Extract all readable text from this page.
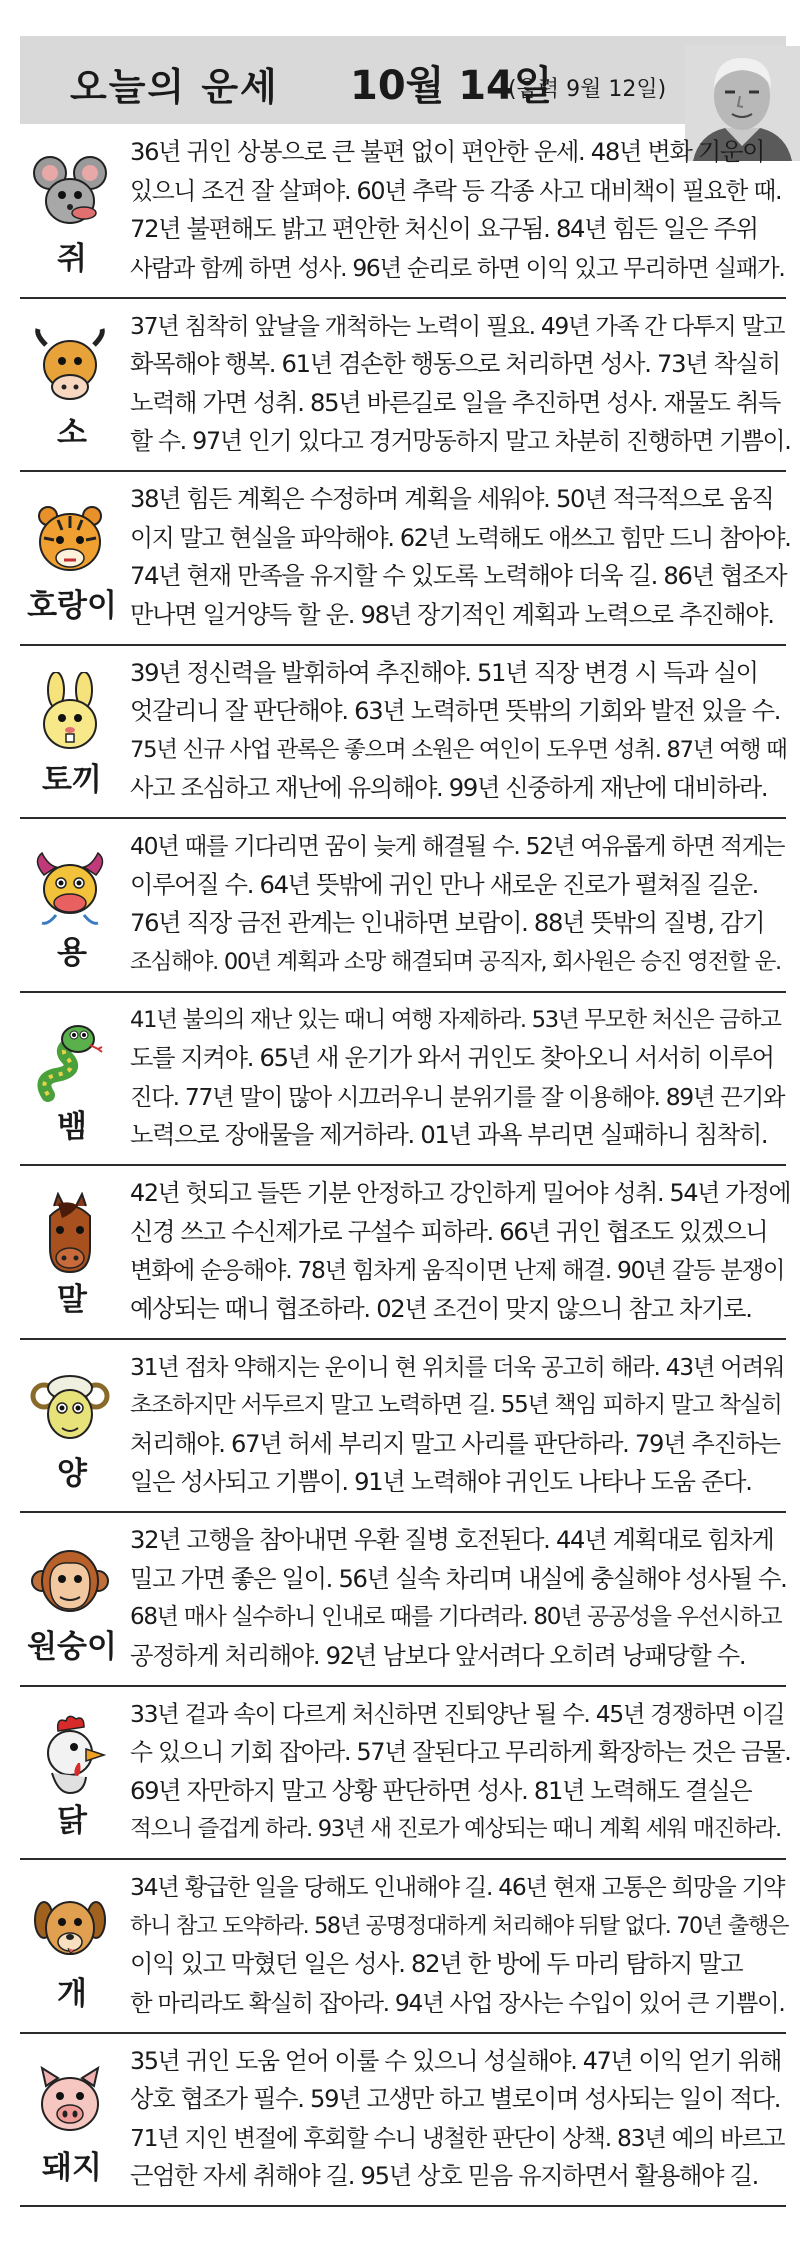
오늘의 운세 10월 14일
(음력 9월 12일)
쥐
36년 귀인 상봉으로 큰 불편 없이 편안한 운세. 48년 변화 기운이
있으니 조건 잘 살펴야. 60년 추락 등 각종 사고 대비책이 필요한 때.
72년 불편해도 밝고 편안한 처신이 요구됨. 84년 힘든 일은 주위
사람과 함께 하면 성사. 96년 순리로 하면 이익 있고 무리하면 실패가.
소
37년 침착히 앞날을 개척하는 노력이 필요. 49년 가족 간 다투지 말고
화목해야 행복. 61년 겸손한 행동으로 처리하면 성사. 73년 착실히
노력해 가면 성취. 85년 바른길로 일을 추진하면 성사. 재물도 취득
할 수. 97년 인기 있다고 경거망동하지 말고 차분히 진행하면 기쁨이.
호랑이
38년 힘든 계획은 수정하며 계획을 세워야. 50년 적극적으로 움직
이지 말고 현실을 파악해야. 62년 노력해도 애쓰고 힘만 드니 참아야.
74년 현재 만족을 유지할 수 있도록 노력해야 더욱 길. 86년 협조자
만나면 일거양득 할 운. 98년 장기적인 계획과 노력으로 추진해야.
토끼
39년 정신력을 발휘하여 추진해야. 51년 직장 변경 시 득과 실이
엇갈리니 잘 판단해야. 63년 노력하면 뜻밖의 기회와 발전 있을 수.
75년 신규 사업 관록은 좋으며 소원은 여인이 도우면 성취. 87년 여행 때
사고 조심하고 재난에 유의해야. 99년 신중하게 재난에 대비하라.
용
40년 때를 기다리면 꿈이 늦게 해결될 수. 52년 여유롭게 하면 적게는
이루어질 수. 64년 뜻밖에 귀인 만나 새로운 진로가 펼쳐질 길운.
76년 직장 금전 관계는 인내하면 보람이. 88년 뜻밖의 질병, 감기
조심해야. 00년 계획과 소망 해결되며 공직자, 회사원은 승진 영전할 운.
뱀
41년 불의의 재난 있는 때니 여행 자제하라. 53년 무모한 처신은 금하고
도를 지켜야. 65년 새 운기가 와서 귀인도 찾아오니 서서히 이루어
진다. 77년 말이 많아 시끄러우니 분위기를 잘 이용해야. 89년 끈기와
노력으로 장애물을 제거하라. 01년 과욕 부리면 실패하니 침착히.
말
42년 헛되고 들뜬 기분 안정하고 강인하게 밀어야 성취. 54년 가정에
신경 쓰고 수신제가로 구설수 피하라. 66년 귀인 협조도 있겠으니
변화에 순응해야. 78년 힘차게 움직이면 난제 해결. 90년 갈등 분쟁이
예상되는 때니 협조하라. 02년 조건이 맞지 않으니 참고 차기로.
양
31년 점차 약해지는 운이니 현 위치를 더욱 공고히 해라. 43년 어려워
초조하지만 서두르지 말고 노력하면 길. 55년 책임 피하지 말고 착실히
처리해야. 67년 허세 부리지 말고 사리를 판단하라. 79년 추진하는
일은 성사되고 기쁨이. 91년 노력해야 귀인도 나타나 도움 준다.
원숭이
32년 고행을 참아내면 우환 질병 호전된다. 44년 계획대로 힘차게
밀고 가면 좋은 일이. 56년 실속 차리며 내실에 충실해야 성사될 수.
68년 매사 실수하니 인내로 때를 기다려라. 80년 공공성을 우선시하고
공정하게 처리해야. 92년 남보다 앞서려다 오히려 낭패당할 수.
닭
33년 겉과 속이 다르게 처신하면 진퇴양난 될 수. 45년 경쟁하면 이길
수 있으니 기회 잡아라. 57년 잘된다고 무리하게 확장하는 것은 금물.
69년 자만하지 말고 상황 판단하면 성사. 81년 노력해도 결실은
적으니 즐겁게 하라. 93년 새 진로가 예상되는 때니 계획 세워 매진하라.
개
34년 황급한 일을 당해도 인내해야 길. 46년 현재 고통은 희망을 기약
하니 참고 도약하라. 58년 공명정대하게 처리해야 뒤탈 없다. 70년 출행은
이익 있고 막혔던 일은 성사. 82년 한 방에 두 마리 탐하지 말고
한 마리라도 확실히 잡아라. 94년 사업 장사는 수입이 있어 큰 기쁨이.
돼지
35년 귀인 도움 얻어 이룰 수 있으니 성실해야. 47년 이익 얻기 위해
상호 협조가 필수. 59년 고생만 하고 별로이며 성사되는 일이 적다.
71년 지인 변절에 후회할 수니 냉철한 판단이 상책. 83년 예의 바르고
근엄한 자세 취해야 길. 95년 상호 믿음 유지하면서 활용해야 길.
